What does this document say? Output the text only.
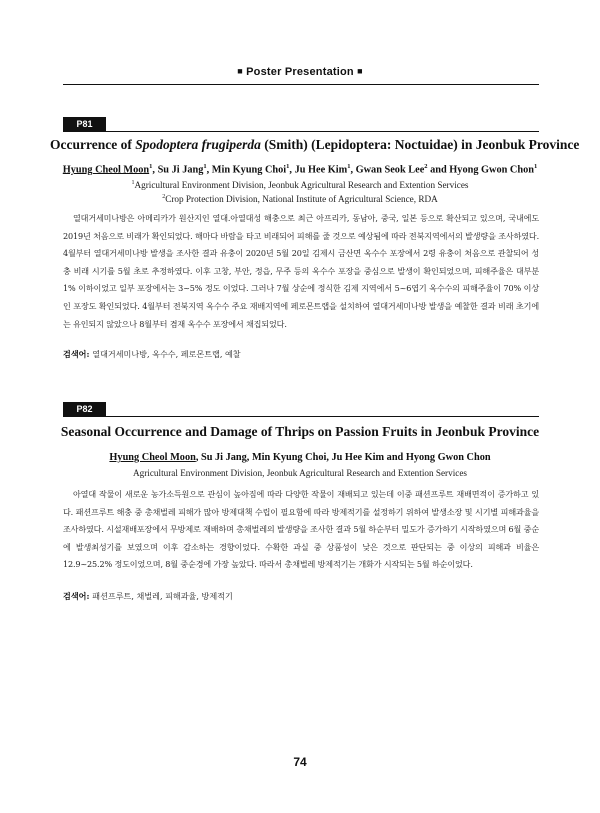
■ Poster Presentation ■
P81
Occurrence of Spodoptera frugiperda (Smith) (Lepidoptera: Noctuidae) in Jeonbuk Province
Hyung Cheol Moon$^1$, Su Ji Jang$^1$, Min Kyung Choi$^1$, Ju Hee Kim$^1$, Gwan Seok Lee$^2$ and Hyong Gwon Chon$^1$
$^1$Agricultural Environment Division, Jeonbuk Agricultural Research and Extention Services
$^2$Crop Protection Division, National Institute of Agricultural Science, RDA
열대거세미나방은 아메리카가 원산지인 열대.아열대성 해충으로 최근 아프리카, 동남아, 중국, 일본 등으로 확산되고 있으며, 국내에도 2019년 처음으로 비래가 확인되었다. 해마다 바람을 타고 비래되어 피해를 줄 것으로 예상됨에 따라 전북지역에서의 발생량을 조사하였다. 4월부터 열대거세미나방 발생을 조사한 결과 유충이 2020년 5월 20일 김제시 금산면 옥수수 포장에서 2령 유충이 처음으로 관찰되어 성충 비래 시기를 5월 초로 추정하였다. 이후 고창, 부안, 정읍, 무주 등의 옥수수 포장을 중심으로 발생이 확인되었으며, 피해주율은 대부분 1% 이하이었고 일부 포장에서는 3~5% 정도 이었다. 그러나 7월 상순에 정식한 김제 지역에서 5~6엽기 옥수수의 피해주율이 70% 이상인 포장도 확인되었다. 4월부터 전북지역 옥수수 주요 재배지역에 페로몬트랩을 설치하여 열대거세미나방 발생을 예찰한 결과 비래 초기에는 유인되지 않았으나 8월부터 겸재 옥수수 포장에서 채집되었다.
검색어: 열대거세미나방, 옥수수, 페로몬트랩, 예찰
P82
Seasonal Occurrence and Damage of Thrips on Passion Fruits in Jeonbuk Province
Hyung Cheol Moon, Su Ji Jang, Min Kyung Choi, Ju Hee Kim and Hyong Gwon Chon
Agricultural Environment Division, Jeonbuk Agricultural Research and Extention Services
아열대 작물이 새로운 농가소득원으로 관심이 높아짐에 따라 다양한 작물이 재배되고 있는데 이중 패션프루트 재배면적이 증가하고 있다. 패션프루트 해충 중 총채벌레 피해가 많아 방제대책 수립이 필요함에 따라 방제적기를 설정하기 위하여 발생소장 및 시기별 피해과율을 조사하였다. 시설재배포장에서 무방제로 재배하며 총채벌레의 발생량을 조사한 결과 5월 하순부터 밀도가 증가하기 시작하였으며 6월 중순에 발생최성기를 보였으며 이후 감소하는 경향이었다. 수확한 과실 중 상품성이 낮은 것으로 판단되는 중 이상의 피해과 비율은 12.9~25.2% 정도이었으며, 8월 중순경에 가장 높았다. 따라서 총채벌레 방제적기는 개화가 시작되는 5월 하순이었다.
검색어: 패션프루트, 채벌레, 피해과율, 방제적기
74
